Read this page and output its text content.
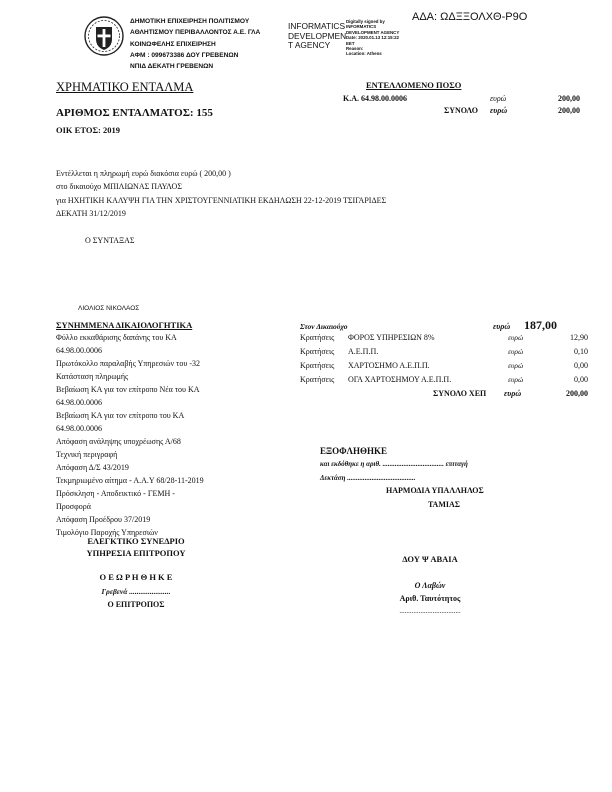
ΔΗΜΟΤΙΚΗ ΕΠΙΧΕΙΡΗΣΗ ΠΟΛΙΤΙΣΜΟΥ
ΑΘΛΗΤΙΣΜΟΥ ΠΕΡΙΒΑΛΛΟΝΤΟΣ Α.Ε. ΓΛΑ
ΚΟΙΝΩΦΕΛΗΣ ΕΠΙΧΕΙΡΗΣΗ
ΑΦΜ : 099673386 ΔΟΥ ΓΡΕΒΕΝΩΝ
ΝΠΙΔ ΔΕΚΑΤΗ ΓΡΕΒΕΝΩΝ
INFORMATICS
DEVELOPMEN
T AGENCY
Digitally signed by
INFORMATICS
DEVELOPMENT AGENCY
Date: 2020.01.13 12:15:22
EET
Reason:
Location: Athens
ΑΔΑ: ΩΔΞΞΟΛΧΘ-Ρ9Ο
ΧΡΗΜΑΤΙΚΟ ΕΝΤΑΛΜΑ
ΑΡΙΘΜΟΣ ΕΝΤΑΛΜΑΤΟΣ: 155
ΟΙΚ ΕΤΟΣ: 2019
ΕΝΤΕΛΛΟΜΕΝΟ ΠΟΣΟ
Κ.Α. 64.98.00.0006	ευρώ	200,00
ΣΥΝΟΛΟ ευρώ	200,00
Εντέλλεται η πληρωμή ευρώ διακόσια ευρώ ( 200,00 )
στο δικαιούχο ΜΠΙΛΙΩΝΑΣ ΠΑΥΛΟΣ
για ΗΧΗΤΙΚΗ ΚΑΛΥΨΗ ΓΙΑ ΤΗΝ ΧΡΙΣΤΟΥΓΕΝΝΙΑΤΙΚΗ ΕΚΔΗΛΩΣΗ 22-12-2019 ΤΣΙΓΑΡΙΔΕΣ
ΔΕΚΑΤΗ 31/12/2019
Ο ΣΥΝΤΑΞΑΣ
ΛΙΟΛΙΟΣ ΝΙΚΟΛΑΟΣ
ΣΥΝΗΜΜΕΝΑ ΔΙΚΑΙΟΛΟΓΗΤΙΚΑ
Φύλλο εκκαθάρισης δαπάνης του ΚΑ
64.98.00.0006
Πρωτόκολλο παραλαβής Υπηρεσιών του -32
Κατάσταση πληρωμής
Βεβαίωση ΚΑ για τον επίτροπο Νέα του ΚΑ
64.98.00.0006
Βεβαίωση ΚΑ για τον επίτροπο του ΚΑ
64.98.00.0006
Απόφαση ανάληψης υποχρέωσης Α/68
Τεχνική περιγραφή
Απόφαση Δ/Σ 43/2019
Τεκμηριωμένο αίτημα - Α.Α.Υ 68/28-11-2019
Πρόσκληση - Αποδεικτικό - ΓΕΜΗ -
Προσφορά
Απόφαση Προέδρου 37/2019
Τιμολόγιο Παροχής Υπηρεσιών
Στον Δικαιούχο	ευρώ 187,00
Κρατήσεις ΦΟΡΟΣ ΥΠΗΡΕΣΙΩΝ 8%	ευρώ	12,90
Κρατήσεις Α.Ε.Π.Π.	ευρώ	0,10
Κρατήσεις ΧΑΡΤΟΣΗΜΟ Α.Ε.Π.Π.	ευρώ	0,00
Κρατήσεις ΟΓΑ ΧΑΡΤΟΣΗΜΟΥ Α.Ε.Π.Π.	ευρώ	0,00
ΣΥΝΟΛΟ ΧΕΠ ευρώ	200,00
ΕΞΟΦΛΗΘΗΚΕ
και εκδόθηκε η αριθ. ................................... επιταγή
Δεκτάση .......................................
ΗΑΡΜΟΔΙΑ ΥΠΑΛΛΗΛΟΣ
ΤΑΜΙΑΣ
ΕΛΕΓΚΤΙΚΟ ΣΥΝΕΔΡΙΟ
ΥΠΗΡΕΣΙΑ ΕΠΙΤΡΟΠΟΥ
Ο Ε Ω Ρ Η Θ Η Κ Ε
Γρεβενά ......................
Ο ΕΠΙΤΡΟΠΟΣ
ΔΟΥ Ψ ΑΒΑΙΑ
Ο Λαβών
Αριθ. Ταυτότητος
...................................
